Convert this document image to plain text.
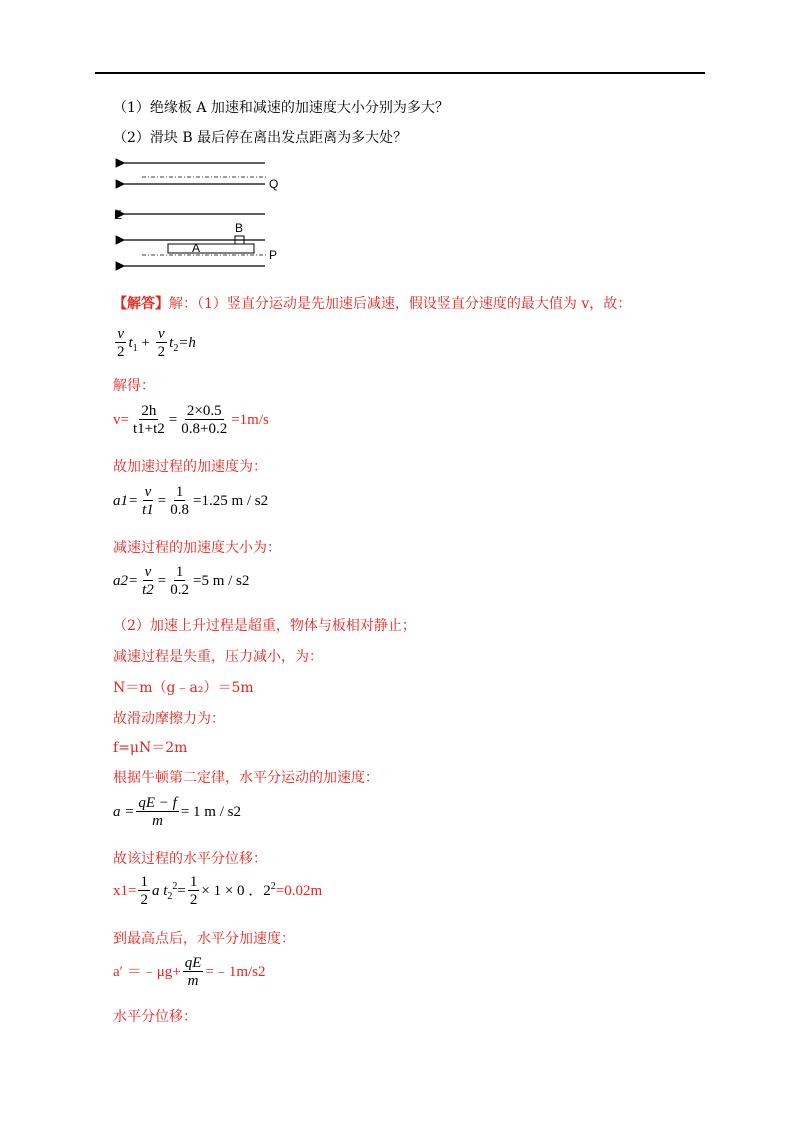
（1）绝缘板 A 加速和减速的加速度大小分别为多大？
（2）滑块 B 最后停在离出发点距离为多大处？
Q
E
B
A	P
【解答】解：（1）竖直分运动是先加速后减速，假设竖直分速度的最大值为 v，故：
$\frac{v}{2} t_1 + \frac{v}{2} t_2=h$
解得：
$v= \frac{2h}{t1+t2} = \frac{2\times 0.5}{0.8+0.2} =1m/s$
故加速过程的加速度为：
$a1= \frac{v}{t1} = \frac{1}{0.8} =1.25$ m / s2
减速过程的加速度大小为：
$a2= \frac{v}{t2} = \frac{1}{0.2} =5$ m / s2
（2）加速上升过程是超重，物体与板相对静止；
减速过程是失重，压力减小，为：
N＝m（g﹣a₂）＝5m
故滑动摩擦力为：
f=μN＝2m
根据牛顿第二定律，水平分运动的加速度：
$a = \frac{qE - f}{m} = 1$ m / s2
故该过程的水平分位移：
$x1= \frac{1}{2}$ a $t_2^2= \frac{1}{2} \times 1 \times 0$ ．$2^2=0.02m$
到最高点后，水平分加速度：
a′ ＝﹣μg+ $\frac{qE}{m}$ =﹣1m/s2
水平分位移：
